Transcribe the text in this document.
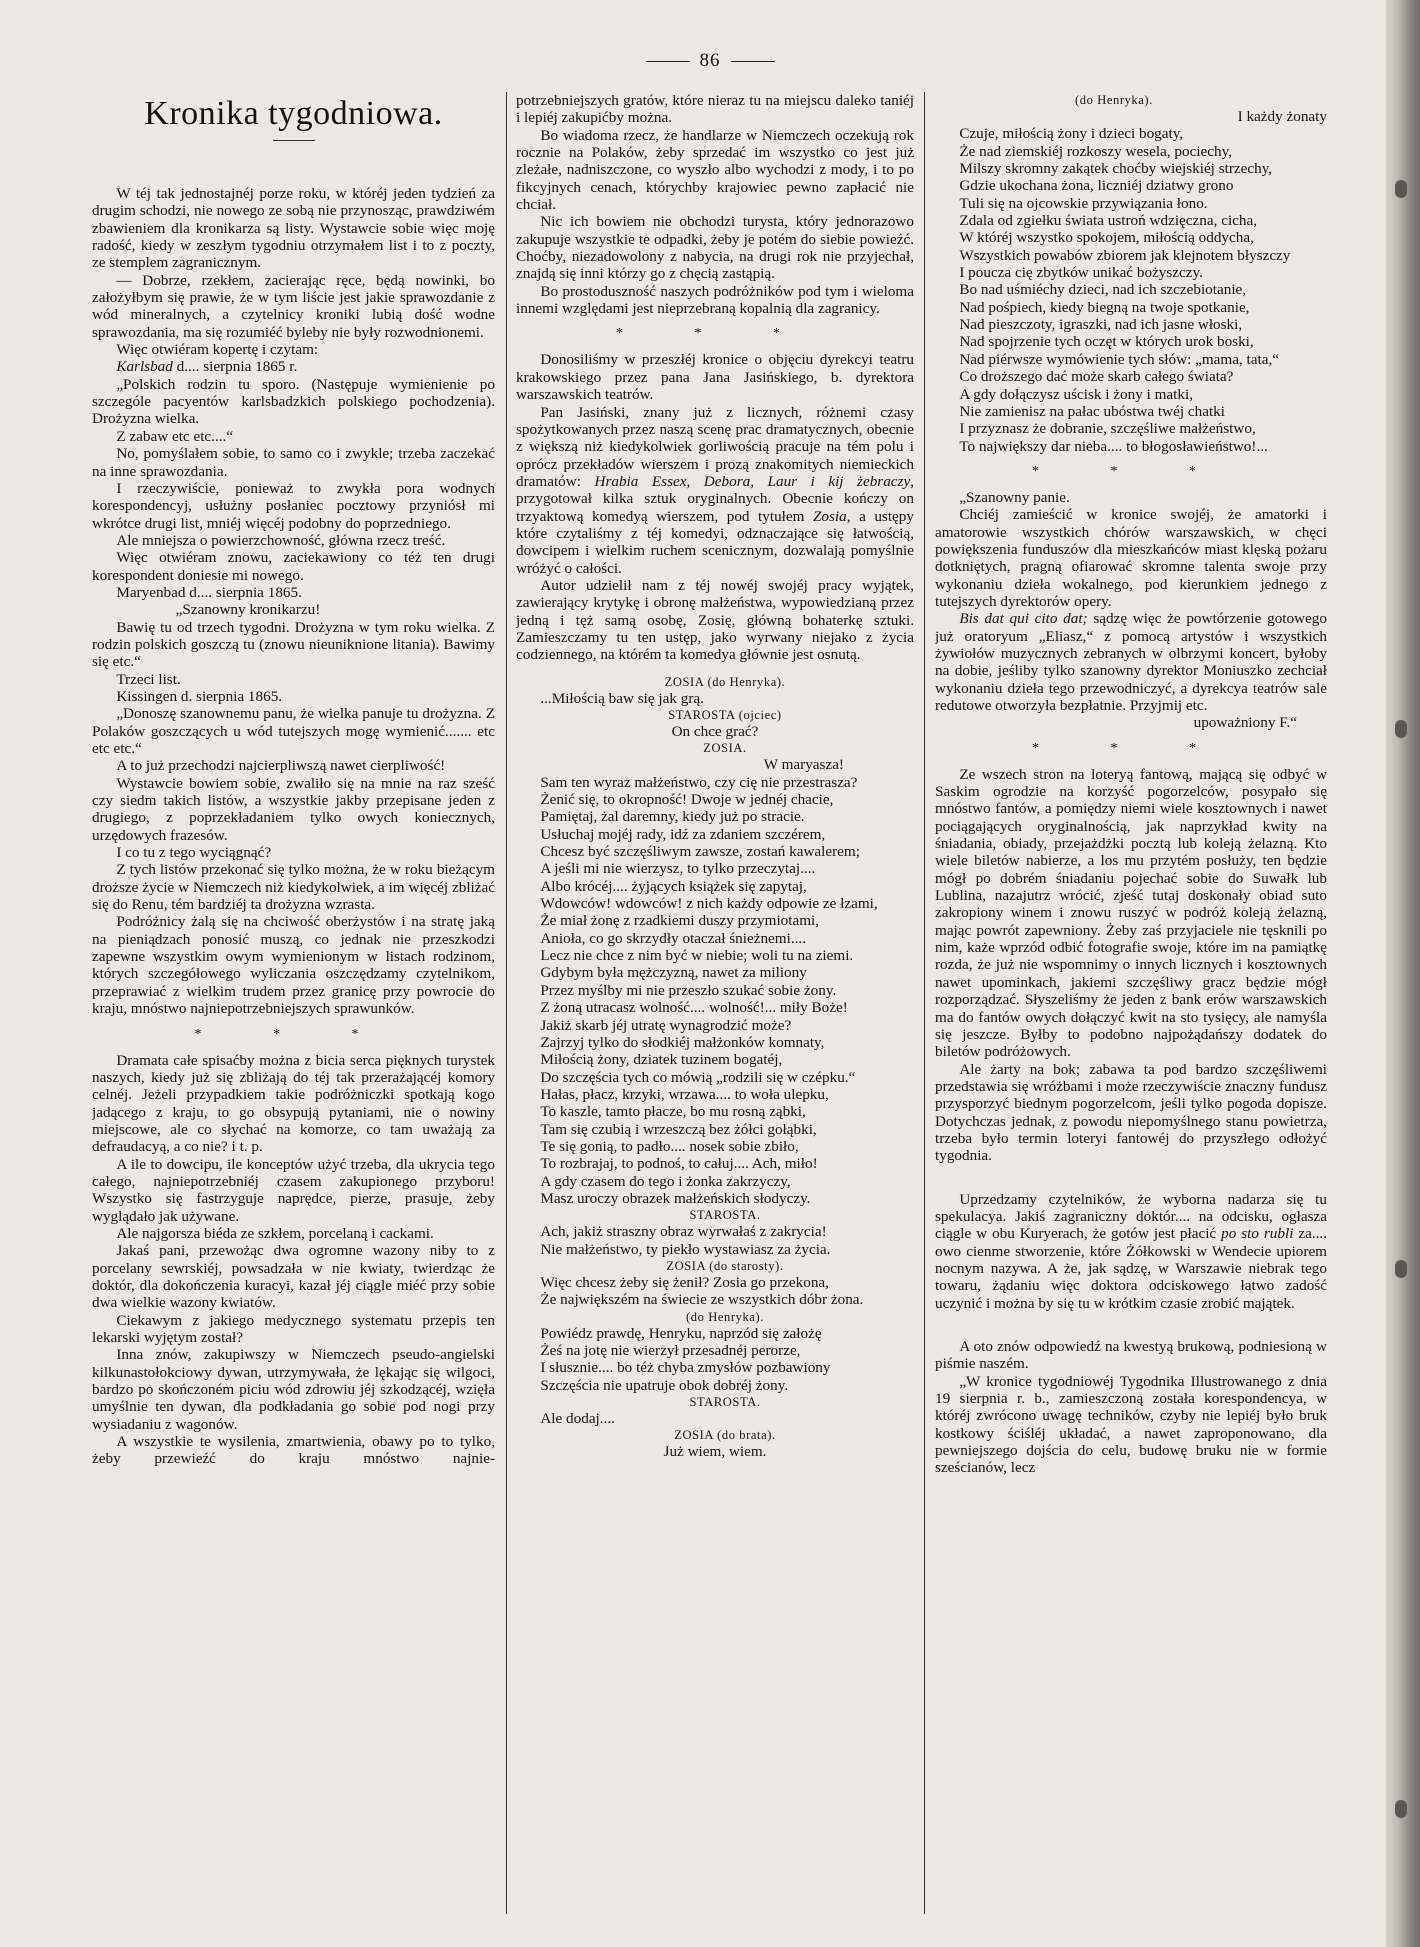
86
Kronika tygodniowa.

W téj tak jednostajnéj porze roku, w któréj jeden tydzień za drugim schodzi, nie nowego ze sobą nie przynosząc, prawdziwém zbawieniem dla kronikarza są listy. Wystawcie sobie więc moję radość, kiedy w zeszłym tygodniu otrzymałem list i to z poczty, ze stemplem zagranicznym.

— Dobrze, rzekłem, zacierając ręce, będą nowinki, bo założyłbym się prawie, że w tym liście jest jakie sprawozdanie z wód mineralnych, a czytelnicy kroniki lubią dość wodne sprawozdania, ma się rozumiéć byleby nie były rozwodnionemi.

Więc otwiéram kopertę i czytam:

Karlsbad d.... sierpnia 1865 r.

„Polskich rodzin tu sporo. (Następuje wymienienie po szczególe pacyentów karlsbadzkich polskiego pochodzenia). Drożyzna wielka.

Z zabaw etc etc....“

No, pomyślałem sobie, to samo co i zwykle; trzeba zaczekać na inne sprawozdania.

I rzeczywiście, ponieważ to zwykła pora wodnych korespondencyj, usłużny posłaniec pocztowy przyniósł mi wkrótce drugi list, mniéj więcéj podobny do poprzedniego.

Ale mniejsza o powierzchowność, główna rzecz treść.

Więc otwiéram znowu, zaciekawiony co téż ten drugi korespondent doniesie mi nowego.

Maryenbad d.... sierpnia 1865.

„Szanowny kronikarzu!

Bawię tu od trzech tygodni. Drożyzna w tym roku wielka. Z rodzin polskich goszczą tu (znowu nieuniknione litania). Bawimy się etc.“

Trzeci list.

Kissingen d. sierpnia 1865.

„Donoszę szanownemu panu, że wielka panuje tu drożyzna. Z Polaków goszczących u wód tutejszych mogę wymienić....... etc etc etc.“

A to już przechodzi najcierpliwszą nawet cierpliwość!

Wystawcie bowiem sobie, zwaliło się na mnie na raz sześć czy siedm takich listów, a wszystkie jakby przepisane jeden z drugiego, z poprzekładaniem tylko owych koniecznych, urzędowych frazesów.

I co tu z tego wyciągnąć?

Z tych listów przekonać się tylko można, że w roku bieżącym droższe życie w Niemczech niż kiedykolwiek, a im więcéj zbliżać się do Renu, tém bardziéj ta drożyzna wzrasta.

Podróżnicy żalą się na chciwość oberżystów i na stratę jaką na pieniądzach ponosić muszą, co jednak nie przeszkodzi zapewne wszystkim owym wymienionym w listach rodzinom, których szczegółowego wyliczania oszczędzamy czytelnikom, przeprawiać z wielkim trudem przez granicę przy powrocie do kraju, mnóstwo najniepotrzebniejszych sprawunków.

* * *

Dramata całe spisaćby można z bicia serca pięknych turystek naszych, kiedy już się zbliżają do téj tak przerażającéj komory celnéj. Jeżeli przypadkiem takie podróżniczki spotkają kogo jadącego z kraju, to go obsypują pytaniami, nie o nowiny miejscowe, ale co słychać na komorze, co tam uważają za defraudacyą, a co nie? i t. p.

A ile to dowcipu, ile konceptów użyć trzeba, dla ukrycia tego całego, najniepotrzebniéj czasem zakupionego przyboru! Wszystko się fastrzyguje naprędce, pierze, prasuje, żeby wyglądało jak używane.

Ale najgorsza biéda ze szkłem, porcelaną i cackami.

Jakaś pani, przewożąc dwa ogromne wazony niby to z porcelany sewrskiéj, powsadzała w nie kwiaty, twierdząc że doktór, dla dokończenia kuracyi, kazał jéj ciągle miéć przy sobie dwa wielkie wazony kwiatów.

Ciekawym z jakiego medycznego systematu przepis ten lekarski wyjętym został?

Inna znów, zakupiwszy w Niemczech pseudo-angielski kilkunastołokciowy dywan, utrzymywała, że lękając się wilgoci, bardzo po skończoném piciu wód zdrowiu jéj szkodzącéj, wzięła umyślnie ten dywan, dla podkładania go sobie pod nogi przy wysiadaniu z wagonów.

A wszystkie te wysilenia, zmartwienia, obawy po to tylko, żeby przewieźć do kraju mnóstwo najnie-

potrzebniejszych gratów, które nieraz tu na miejscu daleko taniéj i lepiéj zakupićby można.

Bo wiadoma rzecz, że handlarze w Niemczech oczekują rok rocznie na Polaków, żeby sprzedać im wszystko co jest już zleżałe, nadniszczone, co wyszło albo wychodzi z mody, i to po fikcyjnych cenach, którychby krajowiec pewno zapłacić nie chciał.

Nic ich bowiem nie obchodzi turysta, który jednorazowo zakupuje wszystkie te odpadki, żeby je potém do siebie powieźć. Choćby, niezadowolony z nabycia, na drugi rok nie przyjechał, znajdą się inni którzy go z chęcią zastąpią.

Bo prostoduszność naszych podróżników pod tym i wieloma innemi względami jest nieprzebraną kopalnią dla zagranicy.

* * *

Donosiliśmy w przeszłéj kronice o objęciu dyrekcyi teatru krakowskiego przez pana Jana Jasińskiego, b. dyrektora warszawskich teatrów.

Pan Jasiński, znany już z licznych, różnemi czasy spożytkowanych przez naszą scenę prac dramatycznych, obecnie z większą niż kiedykolwiek gorliwością pracuje na tém polu i oprócz przekładów wierszem i prozą znakomitych niemieckich dramatów: Hrabia Essex, Debora, Laur i kij żebraczy, przygotował kilka sztuk oryginalnych. Obecnie kończy on trzyaktową komedyą wierszem, pod tytułem Zosia, a ustępy które czytaliśmy z téj komedyi, odznaczające się łatwością, dowcipem i wielkim ruchem scenicznym, dozwalają pomyślnie wróżyć o całości.

Autor udzielił nam z téj nowéj swojéj pracy wyjątek, zawierający krytykę i obronę małżeństwa, wypowiedzianą przez jedną i tęż samą osobę, Zosię, główną bohaterkę sztuki. Zamieszczamy tu ten ustęp, jako wyrwany niejako z życia codziennego, na którém ta komedya głównie jest osnutą.

ZOSIA (do Henryka).

...Miłością baw się jak grą.

STAROSTA (ojciec)

On chce grać?

ZOSIA.

W maryasza!

Sam ten wyraz małżeństwo, czy cię nie przestrasza?

Żenić się, to okropność! Dwoje w jednéj chacie,

Pamiętaj, żal daremny, kiedy już po stracie.

Usłuchaj mojéj rady, idź za zdaniem szczérem,

Chcesz być szczęśliwym zawsze, zostań kawalerem;

A jeśli mi nie wierzysz, to tylko przeczytaj....

Albo krócéj.... żyjących książek się zapytaj,

Wdowców! wdowców! z nich każdy odpowie ze łzami,

Że miał żonę z rzadkiemi duszy przymiotami,

Anioła, co go skrzydły otaczał śnieżnemi....

Lecz nie chce z nim być w niebie; woli tu na ziemi.

Gdybym była mężczyzną, nawet za miliony

Przez myślby mi nie przeszło szukać sobie żony.

Z żoną utracasz wolność.... wolność!... miły Boże!

Jakiż skarb jéj utratę wynagrodzić może?

Zajrzyj tylko do słodkiéj małżonków komnaty,

Miłością żony, dziatek tuzinem bogatéj,

Do szczęścia tych co mówią „rodzili się w czépku.“

Hałas, płacz, krzyki, wrzawa.... to woła ulepku,

To kaszle, tamto płacze, bo mu rosną ząbki,

Tam się czubią i wrzeszczą bez żółci gołąbki,

Te się gonią, to padło.... nosek sobie zbiło,

To rozbrajaj, to podnoś, to całuj.... Ach, miło!

A gdy czasem do tego i żonka zakrzyczy,

Masz uroczy obrazek małżeńskich słodyczy.

STAROSTA.

Ach, jakiż straszny obraz wyrwałaś z zakrycia!

Nie małżeństwo, ty piekło wystawiasz za życia.

ZOSIA (do starosty).

Więc chcesz żeby się żenił? Zosia go przekona,

Że największém na świecie ze wszystkich dóbr żona.

(do Henryka).

Powiédz prawdę, Henryku, naprzód się założę

Żeś na jotę nie wierzył przesadnéj perorze,

I słusznie.... bo téż chyba zmysłów pozbawiony

Szczęścia nie upatruje obok dobréj żony.

STAROSTA.

Ale dodaj....

ZOSIA (do brata).

Już wiem, wiem.

(do Henryka).

I każdy żonaty

Czuje, miłością żony i dzieci bogaty,

Że nad ziemskiéj rozkoszy wesela, pociechy,

Milszy skromny zakątek choćby wiejskiéj strzechy,

Gdzie ukochana żona, liczniéj dziatwy grono

Tuli się na ojcowskie przywiązania łono.

Zdala od zgiełku świata ustroń wdzięczna, cicha,

W któréj wszystko spokojem, miłością oddycha,

Wszystkich powabów zbiorem jak klejnotem błyszczy

I poucza cię zbytków unikać bożyszczy.

Bo nad uśmiéchy dzieci, nad ich szczebiotanie,

Nad pośpiech, kiedy biegną na twoje spotkanie,

Nad pieszczoty, igraszki, nad ich jasne włoski,

Nad spojrzenie tych oczęt w których urok boski,

Nad piérwsze wymówienie tych słów: „mama, tata,“

Co droższego dać może skarb całego świata?

A gdy dołączysz uścisk i żony i matki,

Nie zamienisz na pałac ubóstwa twéj chatki

I przyznasz że dobranie, szczęśliwe małżeństwo,

To największy dar nieba.... to błogosławieństwo!...

* * *

„Szanowny panie.

Chciéj zamieścić w kronice swojéj, że amatorki i amatorowie wszystkich chórów warszawskich, w chęci powiększenia funduszów dla mieszkańców miast klęską pożaru dotkniętych, pragną ofiarować skromne talenta swoje przy wykonaniu dzieła wokalnego, pod kierunkiem jednego z tutejszych dyrektorów opery.

Bis dat qui cito dat; sądzę więc że powtórzenie gotowego już oratoryum „Eliasz,“ z pomocą artystów i wszystkich żywiołów muzycznych zebranych w olbrzymi koncert, byłoby na dobie, jeśliby tylko szanowny dyrektor Moniuszko zechciał wykonaniu dzieła tego przewodniczyć, a dyrekcya teatrów sale redutowe otworzyła bezpłatnie. Przyjmij etc.

upoważniony F.“

* * *

Ze wszech stron na loteryą fantową, mającą się odbyć w Saskim ogrodzie na korzyść pogorzelców, posypało się mnóstwo fantów, a pomiędzy niemi wiele kosztownych i nawet pociągających oryginalnością, jak naprzykład kwity na śniadania, obiady, przejażdżki pocztą lub koleją żelazną. Kto wiele biletów nabierze, a los mu przytém posłuży, ten będzie mógł po dobrém śniadaniu pojechać sobie do Suwałk lub Lublina, nazajutrz wrócić, zjeść tutaj doskonały obiad suto zakropiony winem i znowu ruszyć w podróż koleją żelazną, mając powrót zapewniony. Żeby zaś przyjaciele nie tęsknili po nim, każe wprzód odbić fotografie swoje, które im na pamiątkę rozda, że już nie wspomnimy o innych licznych i kosztownych nawet upominkach, jakiemi szczęśliwy gracz będzie mógł rozporządzać. Słyszeliśmy że jeden z bank erów warszawskich ma do fantów owych dołączyć kwit na sto tysięcy, ale namyśla się jeszcze. Byłby to podobno najpożądańszy dodatek do biletów podróżowych.

Ale żarty na bok; zabawa ta pod bardzo szczęśliwemi przedstawia się wróżbami i może rzeczywiście znaczny fundusz przysporzyć biednym pogorzelcom, jeśli tylko pogoda dopisze. Dotychczas jednak, z powodu niepomyślnego stanu powietrza, trzeba było termin loteryi fantowéj do przyszłego odłożyć tygodnia.

Uprzedzamy czytelników, że wyborna nadarza się tu spekulacya. Jakiś zagraniczny doktór.... na odcisku, ogłasza ciągle w obu Kuryerach, że gotów jest płacić po sto rubli za.... owo cienme stworzenie, które Żółkowski w Wendecie upiorem nocnym nazywa. A że, jak sądzę, w Warszawie niebrak tego towaru, żądaniu więc doktora odciskowego łatwo zadość uczynić i można by się tu w krótkim czasie zrobić majątek.

A oto znów odpowiedź na kwestyą brukową, podniesioną w piśmie naszém.

„W kronice tygodniowéj Tygodnika Illustrowanego z dnia 19 sierpnia r. b., zamieszczoną została korespondencya, w któréj zwrócono uwagę techników, czyby nie lepiéj było bruk kostkowy ściśléj układać, a nawet zaproponowano, dla pewniejszego dojścia do celu, budowę bruku nie w formie sześcianów, lecz
